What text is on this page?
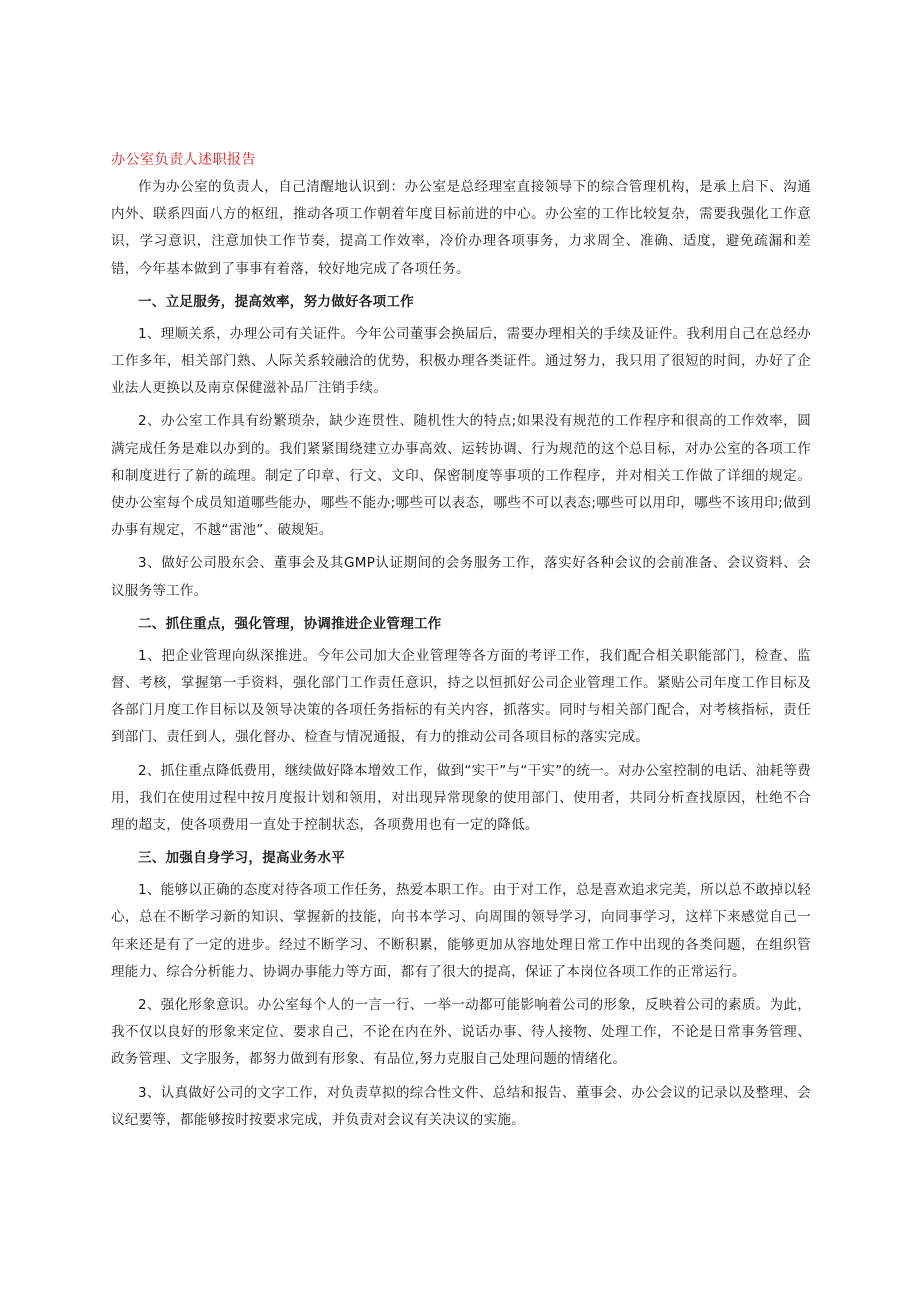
办公室负责人述职报告

作为办公室的负责人，自己清醒地认识到：办公室是总经理室直接领导下的综合管理机构，是承上启下、沟通内外、联系四面八方的枢纽，推动各项工作朝着年度目标前进的中心。办公室的工作比较复杂，需要我强化工作意识，学习意识，注意加快工作节奏，提高工作效率，冷价办理各项事务，力求周全、准确、适度，避免疏漏和差错，今年基本做到了事事有着落，较好地完成了各项任务。

一、立足服务，提高效率，努力做好各项工作

1、理顺关系，办理公司有关证件。今年公司董事会换届后，需要办理相关的手续及证件。我利用自己在总经办工作多年，相关部门熟、人际关系较融洽的优势，积极办理各类证件。通过努力，我只用了很短的时间，办好了企业法人更换以及南京保健滋补品厂注销手续。

2、办公室工作具有纷繁琐杂，缺少连贯性、随机性大的特点;如果没有规范的工作程序和很高的工作效率，圆满完成任务是难以办到的。我们紧紧围绕建立办事高效、运转协调、行为规范的这个总目标，对办公室的各项工作和制度进行了新的疏理。制定了印章、行文、文印、保密制度等事项的工作程序，并对相关工作做了详细的规定。使办公室每个成员知道哪些能办，哪些不能办;哪些可以表态，哪些不可以表态;哪些可以用印，哪些不该用印;做到办事有规定，不越“雷池”、破规矩。

3、做好公司股东会、董事会及其GMP认证期间的会务服务工作，落实好各种会议的会前准备、会议资料、会议服务等工作。

二、抓住重点，强化管理，协调推进企业管理工作

1、把企业管理向纵深推进。今年公司加大企业管理等各方面的考评工作，我们配合相关职能部门，检查、监督、考核，掌握第一手资料，强化部门工作责任意识，持之以恒抓好公司企业管理工作。紧贴公司年度工作目标及各部门月度工作目标以及领导决策的各项任务指标的有关内容，抓落实。同时与相关部门配合，对考核指标，责任到部门、责任到人，强化督办、检查与情况通报，有力的推动公司各项目标的落实完成。

2、抓住重点降低费用，继续做好降本增效工作，做到“实干”与“干实”的统一。对办公室控制的电话、油耗等费用，我们在使用过程中按月度报计划和领用，对出现异常现象的使用部门、使用者，共同分析查找原因，杜绝不合理的超支，使各项费用一直处于控制状态，各项费用也有一定的降低。

三、加强自身学习，提高业务水平

1、能够以正确的态度对待各项工作任务，热爱本职工作。由于对工作，总是喜欢追求完美，所以总不敢掉以轻心，总在不断学习新的知识、掌握新的技能，向书本学习、向周围的领导学习，向同事学习，这样下来感觉自己一年来还是有了一定的进步。经过不断学习、不断积累，能够更加从容地处理日常工作中出现的各类问题，在组织管理能力、综合分析能力、协调办事能力等方面，都有了很大的提高，保证了本岗位各项工作的正常运行。

2、强化形象意识。办公室每个人的一言一行、一举一动都可能影响着公司的形象，反映着公司的素质。为此，我不仅以良好的形象来定位、要求自己，不论在内在外、说话办事、待人接物、处理工作，不论是日常事务管理、政务管理、文字服务，都努力做到有形象、有品位,努力克服自己处理问题的情绪化。

3、认真做好公司的文字工作，对负责草拟的综合性文件、总结和报告、董事会、办公会议的记录以及整理、会议纪要等，都能够按时按要求完成，并负责对会议有关决议的实施。
